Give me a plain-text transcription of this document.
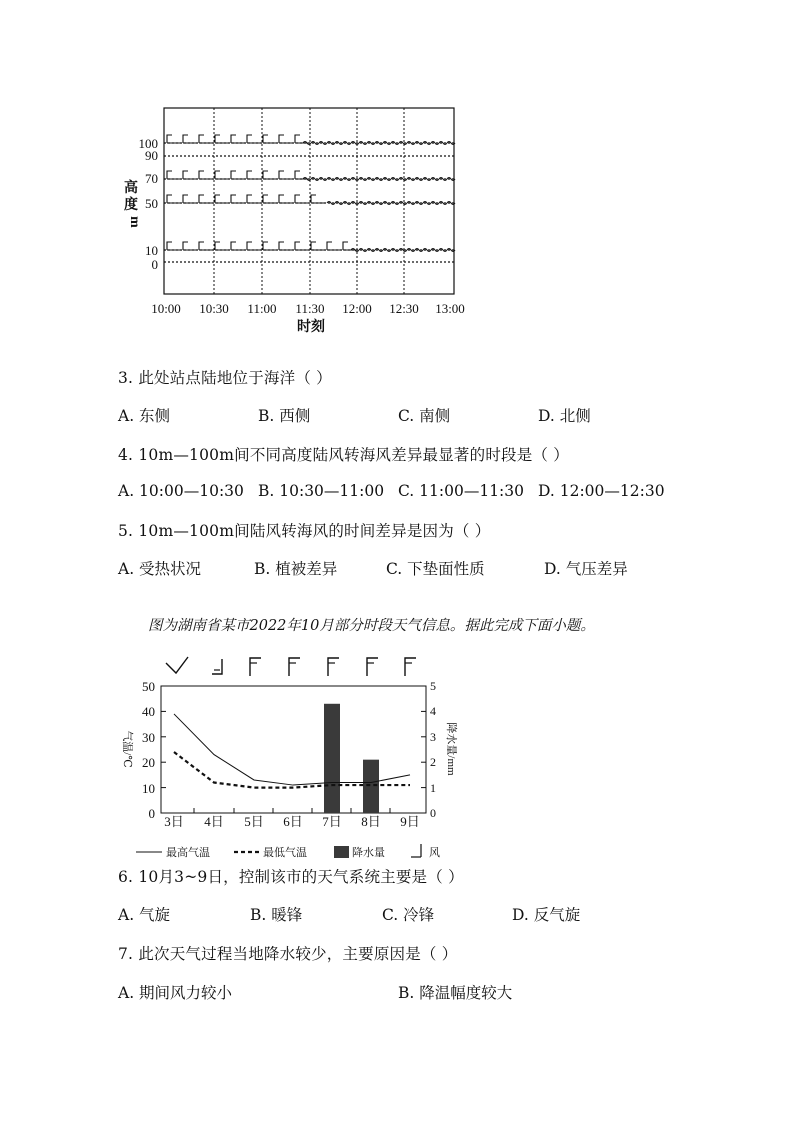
100
90
70
50
10
0
高
度
m
10:00 10:30 11:00 11:30 12:00 12:30 13:00
时刻
3. 此处站点陆地位于海洋（ ）
A. 东侧	B. 西侧	C. 南侧	D. 北侧
4. 10m—100m间不同高度陆风转海风差异最显著的时段是（ ）
A. 10:00—10:30 B. 10:30—11:00 C. 11:00—11:30 D. 12:00—12:30
5. 10m—100m间陆风转海风的时间差异是因为（ ）
A. 受热状况	B. 植被差异	C. 下垫面性质	D. 气压差异
图为湖南省某市2022年10月部分时段天气信息。据此完成下面小题。
50
40
30
20
10
0
5
4
3
2
1
0
气温/℃	降水量/mm
3日 4日 5日 6日 7日 8日 9日
最高气温	最低气温	降水量	风
6. 10月3~9日，控制该市的天气系统主要是（ ）
A. 气旋	B. 暖锋	C. 冷锋	D. 反气旋
7. 此次天气过程当地降水较少，主要原因是（ ）
A. 期间风力较小	B. 降温幅度较大
